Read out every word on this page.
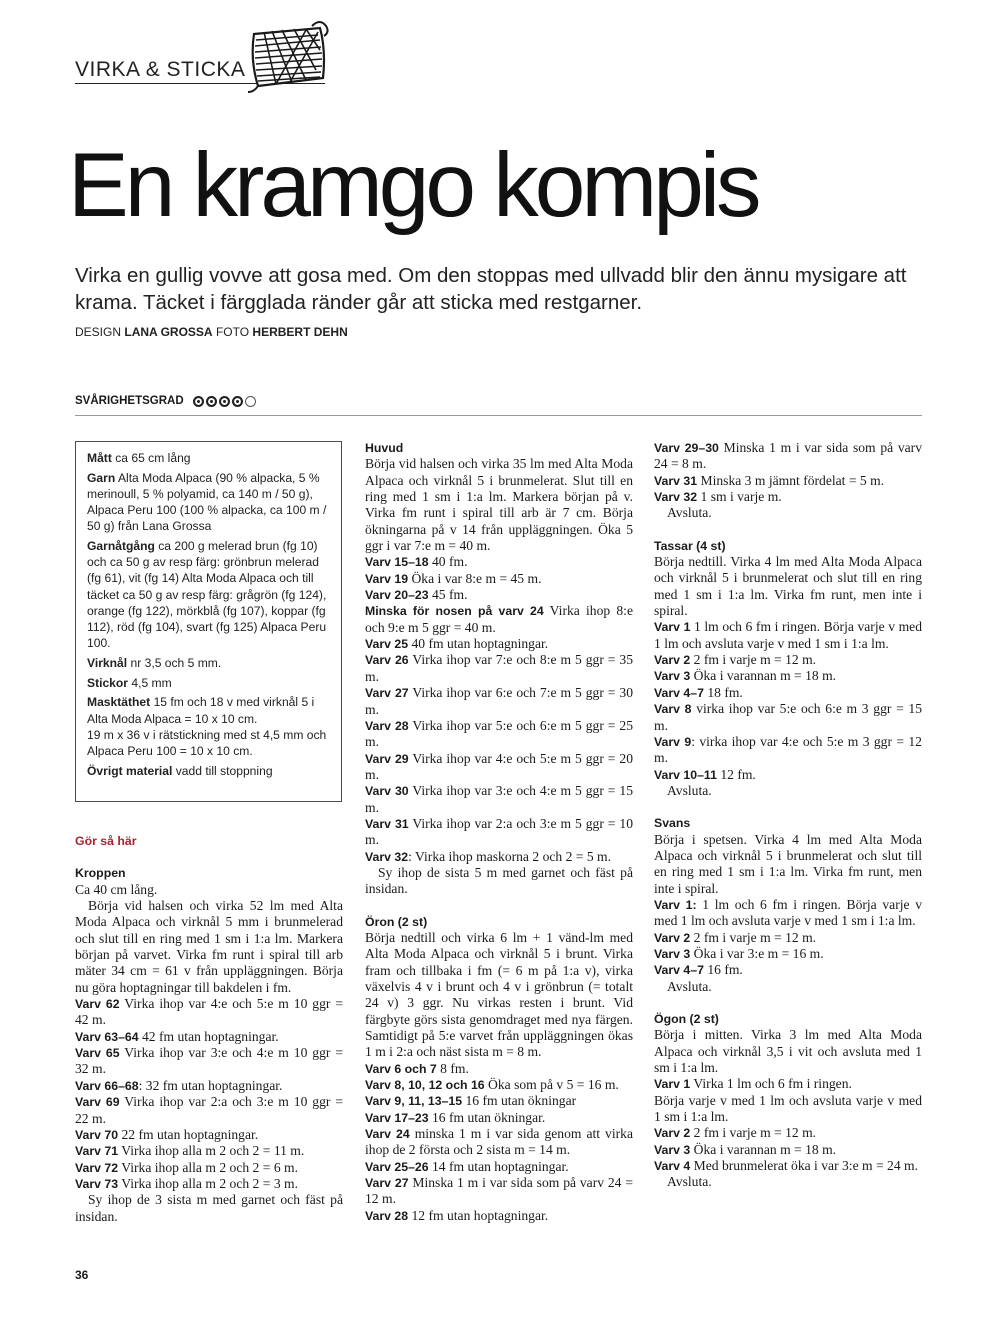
VIRKA & STICKA
En kramgo kompis

Virka en gullig vovve att gosa med. Om den stoppas med ullvadd blir den ännu mysigare att krama. Täcket i färgglada ränder går att sticka med restgarner.

DESIGN LANA GROSSA FOTO HERBERT DEHN
SVÅRIGHETSGRAD

Mått ca 65 cm lång

Garn Alta Moda Alpaca (90 % alpacka, 5 % merinoull, 5 % polyamid, ca 140 m / 50 g), Alpaca Peru 100 (100 % alpacka, ca 100 m / 50 g) från Lana Grossa

Garnåtgång ca 200 g melerad brun (fg 10) och ca 50 g av resp färg: grönbrun melerad (fg 61), vit (fg 14) Alta Moda Alpaca och till täcket ca 50 g av resp färg: grågrön (fg 124), orange (fg 122), mörkblå (fg 107), koppar (fg 112), röd (fg 104), svart (fg 125) Alpaca Peru 100.

Virknål nr 3,5 och 5 mm.

Stickor 4,5 mm

Masktäthet 15 fm och 18 v med virknål 5 i Alta Moda Alpaca = 10 x 10 cm.

19 m x 36 v i rätstickning med st 4,5 mm och Alpaca Peru 100 = 10 x 10 cm.

Övrigt material vadd till stoppning

Gör så här

Kroppen

Ca 40 cm lång.

Börja vid halsen och virka 52 lm med Alta Moda Alpaca och virknål 5 mm i brunmelerad och slut till en ring med 1 sm i 1:a lm. Markera början på varvet. Virka fm runt i spiral till arb mäter 34 cm = 61 v från uppläggningen. Börja nu göra hoptagningar till bakdelen i fm.

Varv 62 Virka ihop var 4:e och 5:e m 10 ggr = 42 m.

Varv 63–64 42 fm utan hoptagningar.

Varv 65 Virka ihop var 3:e och 4:e m 10 ggr = 32 m.

Varv 66–68: 32 fm utan hoptagningar.

Varv 69 Virka ihop var 2:a och 3:e m 10 ggr = 22 m.

Varv 70 22 fm utan hoptagningar.

Varv 71 Virka ihop alla m 2 och 2 = 11 m.

Varv 72 Virka ihop alla m 2 och 2 = 6 m.

Varv 73 Virka ihop alla m 2 och 2 = 3 m.

Sy ihop de 3 sista m med garnet och fäst på insidan.

Huvud

Börja vid halsen och virka 35 lm med Alta Moda Alpaca och virknål 5 i brunmelerat. Slut till en ring med 1 sm i 1:a lm. Markera början på v. Virka fm runt i spiral till arb är 7 cm. Börja ökningarna på v 14 från uppläggningen. Öka 5 ggr i var 7:e m = 40 m.

Varv 15–18 40 fm.

Varv 19 Öka i var 8:e m = 45 m.

Varv 20–23 45 fm.

Minska för nosen på varv 24 Virka ihop 8:e och 9:e m 5 ggr = 40 m.

Varv 25 40 fm utan hoptagningar.

Varv 26 Virka ihop var 7:e och 8:e m 5 ggr = 35 m.

Varv 27 Virka ihop var 6:e och 7:e m 5 ggr = 30 m.

Varv 28 Virka ihop var 5:e och 6:e m 5 ggr = 25 m.

Varv 29 Virka ihop var 4:e och 5:e m 5 ggr = 20 m.

Varv 30 Virka ihop var 3:e och 4:e m 5 ggr = 15 m.

Varv 31 Virka ihop var 2:a och 3:e m 5 ggr = 10 m.

Varv 32: Virka ihop maskorna 2 och 2 = 5 m.

Sy ihop de sista 5 m med garnet och fäst på insidan.

Öron (2 st)

Börja nedtill och virka 6 lm + 1 vänd-lm med Alta Moda Alpaca och virknål 5 i brunt. Virka fram och tillbaka i fm (= 6 m på 1:a v), virka växelvis 4 v i brunt och 4 v i grönbrun (= totalt 24 v) 3 ggr. Nu virkas resten i brunt. Vid färgbyte görs sista genomdraget med nya färgen. Samtidigt på 5:e varvet från uppläggningen ökas 1 m i 2:a och näst sista m = 8 m.

Varv 6 och 7 8 fm.

Varv 8, 10, 12 och 16 Öka som på v 5 = 16 m.

Varv 9, 11, 13–15 16 fm utan ökningar

Varv 17–23 16 fm utan ökningar.

Varv 24 minska 1 m i var sida genom att virka ihop de 2 första och 2 sista m = 14 m.

Varv 25–26 14 fm utan hoptagningar.

Varv 27 Minska 1 m i var sida som på varv 24 = 12 m.

Varv 28 12 fm utan hoptagningar.

Varv 29–30 Minska 1 m i var sida som på varv 24 = 8 m.

Varv 31 Minska 3 m jämnt fördelat = 5 m.

Varv 32 1 sm i varje m.

Avsluta.

Tassar (4 st)

Börja nedtill. Virka 4 lm med Alta Moda Alpaca och virknål 5 i brunmelerat och slut till en ring med 1 sm i 1:a lm. Virka fm runt, men inte i spiral.

Varv 1 1 lm och 6 fm i ringen. Börja varje v med 1 lm och avsluta varje v med 1 sm i 1:a lm.

Varv 2 2 fm i varje m = 12 m.

Varv 3 Öka i varannan m = 18 m.

Varv 4–7 18 fm.

Varv 8 virka ihop var 5:e och 6:e m 3 ggr = 15 m.

Varv 9: virka ihop var 4:e och 5:e m 3 ggr = 12 m.

Varv 10–11 12 fm.

Avsluta.

Svans

Börja i spetsen. Virka 4 lm med Alta Moda Alpaca och virknål 5 i brunmelerat och slut till en ring med 1 sm i 1:a lm. Virka fm runt, men inte i spiral.

Varv 1: 1 lm och 6 fm i ringen. Börja varje v med 1 lm och avsluta varje v med 1 sm i 1:a lm.

Varv 2 2 fm i varje m = 12 m.

Varv 3 Öka i var 3:e m = 16 m.

Varv 4–7 16 fm.

Avsluta.

Ögon (2 st)

Börja i mitten. Virka 3 lm med Alta Moda Alpaca och virknål 3,5 i vit och avsluta med 1 sm i 1:a lm.

Varv 1 Virka 1 lm och 6 fm i ringen.

Börja varje v med 1 lm och avsluta varje v med 1 sm i 1:a lm.

Varv 2 2 fm i varje m = 12 m.

Varv 3 Öka i varannan m = 18 m.

Varv 4 Med brunmelerat öka i var 3:e m = 24 m.

Avsluta.

36
